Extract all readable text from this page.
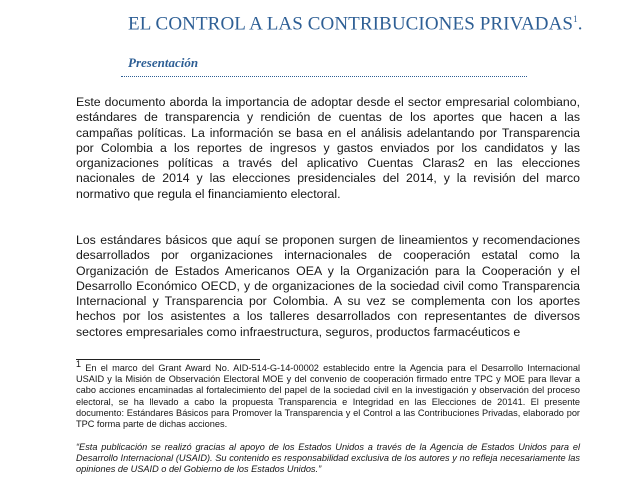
EL CONTROL A LAS CONTRIBUCIONES PRIVADAS$^1$.
Presentación

Este documento aborda la importancia de adoptar desde el sector empresarial colombiano, estándares de transparencia y rendición de cuentas de los aportes que hacen a las campañas políticas. La información se basa en el análisis adelantando por Transparencia por Colombia a los reportes de ingresos y gastos enviados por los candidatos y las organizaciones políticas a través del aplicativo Cuentas Claras2 en las elecciones nacionales de 2014 y las elecciones presidenciales del 2014, y la revisión del marco normativo que regula el financiamiento electoral.

Los estándares básicos que aquí se proponen surgen de lineamientos y recomendaciones desarrollados por organizaciones internacionales de cooperación estatal como la Organización de Estados Americanos OEA y la Organización para la Cooperación y el Desarrollo Económico OECD, y de organizaciones de la sociedad civil como Transparencia Internacional y Transparencia por Colombia. A su vez se complementa con los aportes hechos por los asistentes a los talleres desarrollados con representantes de diversos sectores empresariales como infraestructura, seguros, productos farmacéuticos e

1 En el marco del Grant Award No. AID-514-G-14-00002 establecido entre la Agencia para el Desarrollo Internacional USAID y la Misión de Observación Electoral MOE y del convenio de cooperación firmado entre TPC y MOE para llevar a cabo acciones encaminadas al fortalecimiento del papel de la sociedad civil en la investigación y observación del proceso electoral, se ha llevado a cabo la propuesta Transparencia e Integridad en las Elecciones de 20141. El presente documento: Estándares Básicos para Promover la Transparencia y el Control a las Contribuciones Privadas, elaborado por TPC forma parte de dichas acciones.
“Esta publicación se realizó gracias al apoyo de los Estados Unidos a través de la Agencia de Estados Unidos para el Desarrollo Internacional (USAID). Su contenido es responsabilidad exclusiva de los autores y no refleja necesariamente las opiniones de USAID o del Gobierno de los Estados Unidos.”
